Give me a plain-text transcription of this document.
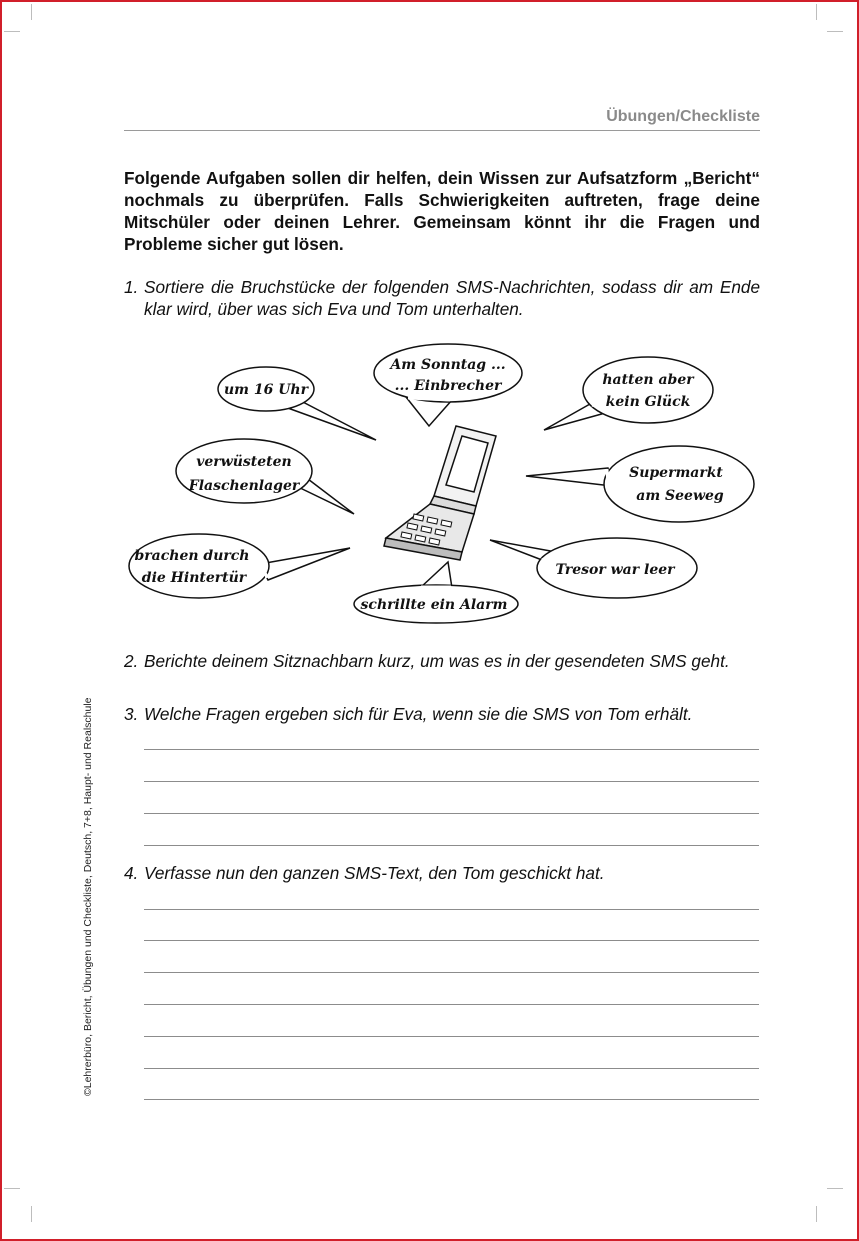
Übungen/Checkliste
Folgende Aufgaben sollen dir helfen, dein Wissen zur Aufsatzform „Bericht“ nochmals zu überprüfen. Falls Schwierigkeiten auftreten, frage deine Mitschüler oder deinen Lehrer. Gemeinsam könnt ihr die Fragen und Probleme sicher gut lösen.
1. Sortiere die Bruchstücke der folgenden SMS-Nachrichten, sodass dir am Ende klar wird, über was sich Eva und Tom unterhalten.
um 16 Uhr
Am Sonntag ...
... Einbrecher	hatten aber
kein Glück
verwüsteten
Flaschenlager
Supermarkt
am Seeweg
brachen durch
die Hintertür	Tresor war leer
schrillte ein Alarm
2. Berichte deinem Sitznachbarn kurz, um was es in der gesendeten SMS geht.
3. Welche Fragen ergeben sich für Eva, wenn sie die SMS von Tom erhält.
4. Verfasse nun den ganzen SMS-Text, den Tom geschickt hat.
©Lehrerbüro, Bericht, Übungen und Checkliste, Deutsch, 7+8, Haupt- und Realschule
